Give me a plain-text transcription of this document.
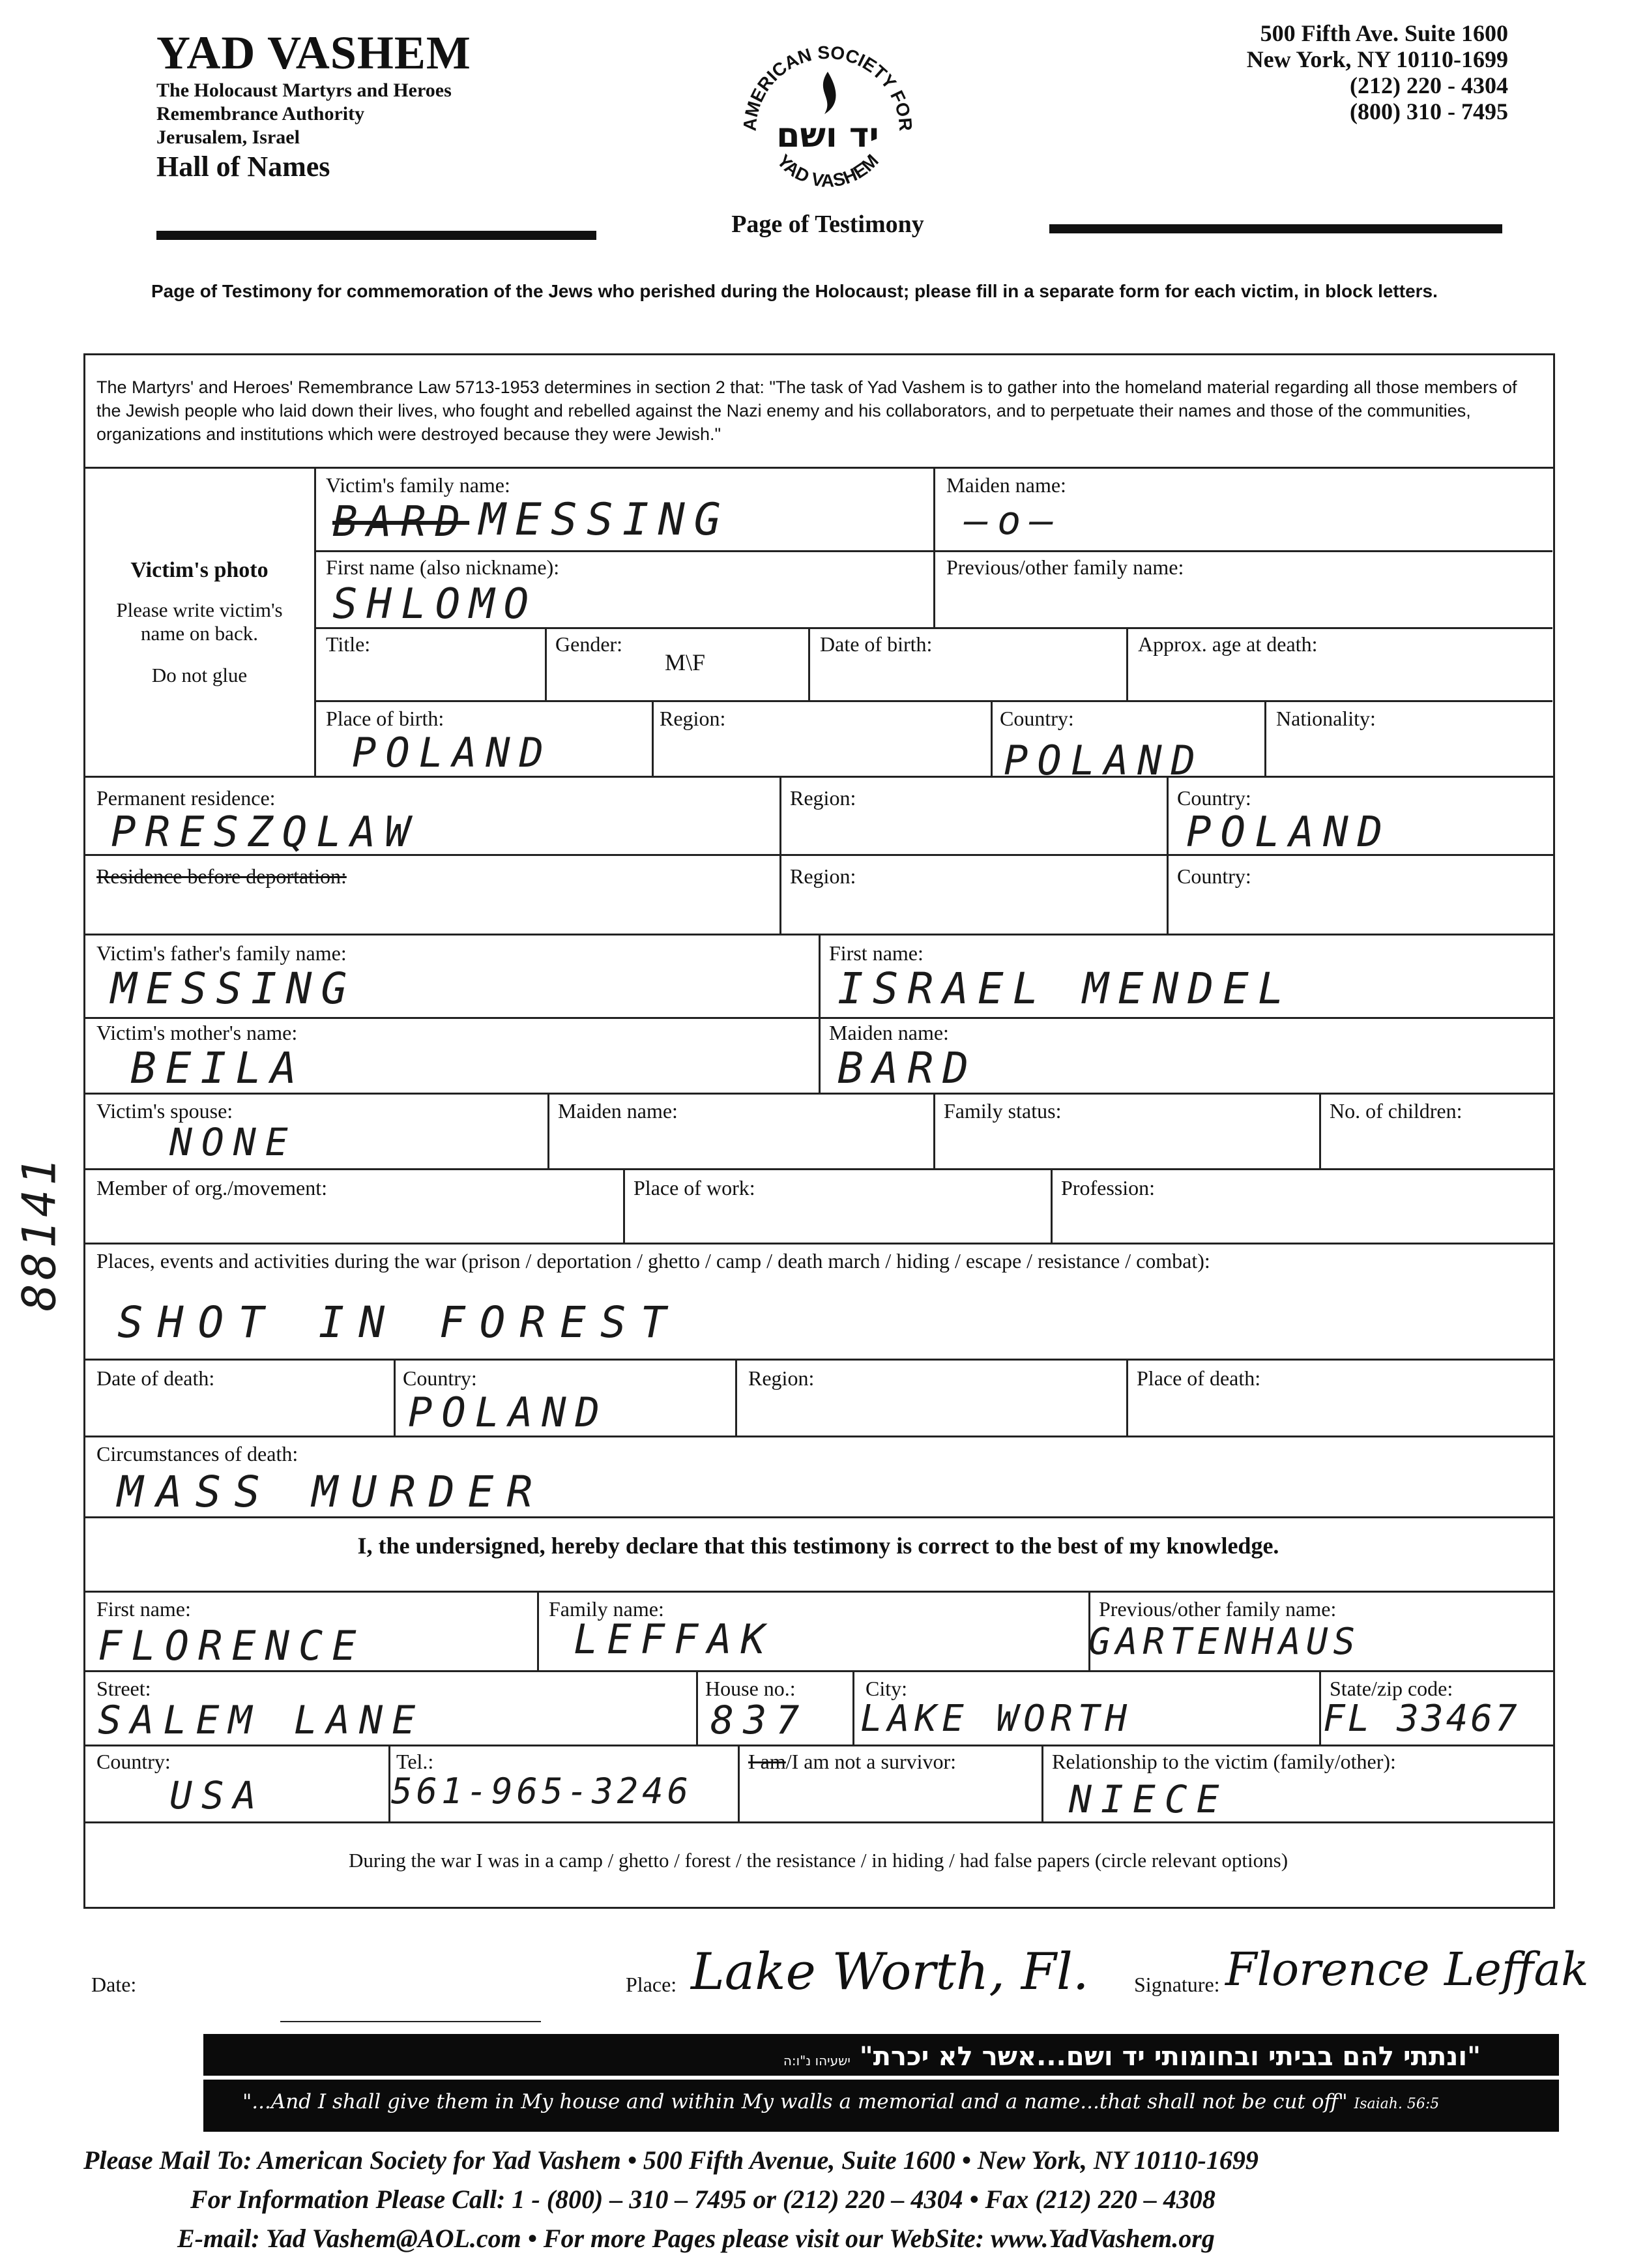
YAD VASHEM
The Holocaust Martyrs and Heroes
Remembrance Authority
Jerusalem, Israel
Hall of Names
AMERICAN SOCIETY FOR
YAD VASHEM
יד ושם
Page of Testimony
500 Fifth Ave. Suite 1600
New York, NY 10110-1699
(212) 220 - 4304
(800) 310 - 7495
Page of Testimony for commemoration of the Jews who perished during the Holocaust; please fill in a separate form for each victim, in block letters.
The Martyrs' and Heroes' Remembrance Law 5713-1953 determines in section 2 that: "The task of Yad Vashem is to gather into the homeland material regarding all those members of the Jewish people who laid down their lives, who fought and rebelled against the Nazi enemy and his collaborators, and to perpetuate their names and those of the communities, organizations and institutions which were destroyed because they were Jewish."
Victim's photo
Please write victim's
name on back.
Do not glue
88141
Victim's family name:
BARD MESSING
Maiden name:
—o—
First name (also nickname):
SHLOMO
Previous/other family name:
Title:	Gender:
M\F
Date of birth:	Approx. age at death:
Place of birth:
POLAND
Region:	Country:
POLAND
Nationality:
Permanent residence:
PRESZQLAW
Region:	Country:
POLAND
Residence before deportation:	Region:	Country:
Victim's father's family name:
MESSING
First name:
ISRAEL MENDEL
Victim's mother's name:
BEILA
Maiden name:
BARD
Victim's spouse:
NONE
Maiden name:	Family status:	No. of children:
Member of org./movement:	Place of work:	Profession:
Places, events and activities during the war (prison / deportation / ghetto / camp / death march / hiding / escape / resistance / combat):
SHOT IN FOREST
Date of death:	Country:
POLAND
Region:	Place of death:
Circumstances of death:
MASS MURDER
I, the undersigned, hereby declare that this testimony is correct to the best of my knowledge.
First name:
FLORENCE
Family name:
LEFFAK
Previous/other family name:
GARTENHAUS
Street:
SALEM LANE
House no.:
837
City:
LAKE WORTH
State/zip code:
FL 33467
Country:
USA
Tel.:
561-965-3246
I am/I am not a survivor:	Relationship to the victim (family/other):
NIECE
During the war I was in a camp / ghetto / forest / the resistance / in hiding / had false papers (circle relevant options)
Date:	Place: Lake Worth, Fl. Signature: Florence Leffak
"ונתתי להם בביתי ובחומותי יד ושם...אשר לא יכרת" ישעיהו נ"ו:ה
"...And I shall give them in My house and within My walls a memorial and a name...that shall not be cut off" Isaiah. 56:5
Please Mail To: American Society for Yad Vashem • 500 Fifth Avenue, Suite 1600 • New York, NY 10110-1699
For Information Please Call: 1 - (800) – 310 – 7495 or (212) 220 – 4304 • Fax (212) 220 – 4308
E-mail: Yad Vashem@AOL.com • For more Pages please visit our WebSite: www.YadVashem.org
